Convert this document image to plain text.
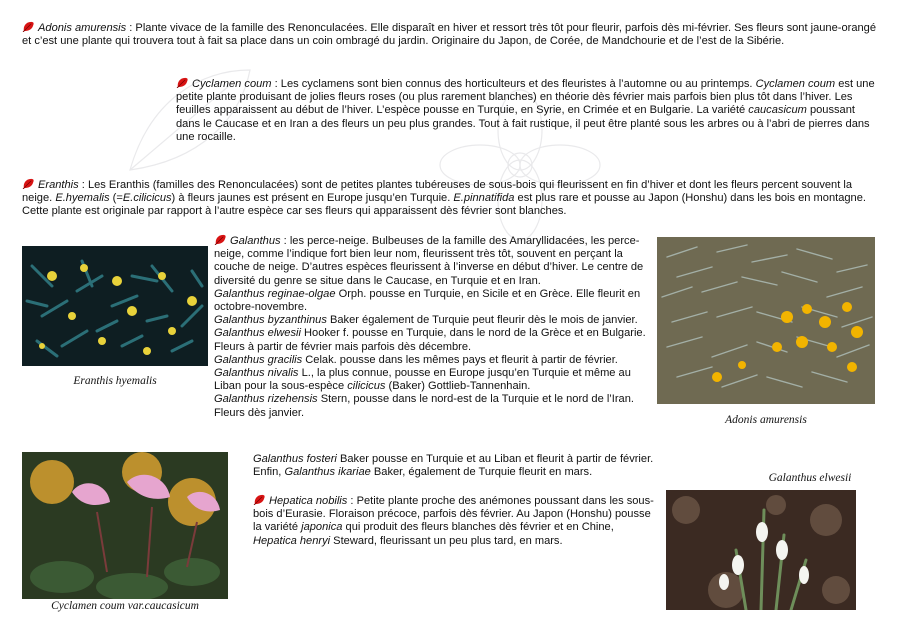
Adonis amurensis : Plante vivace de la famille des Renonculacées. Elle disparaît en hiver et ressort très tôt pour fleurir, parfois dès mi-février. Ses fleurs sont jaune-orangé et c’est une plante qui trouvera tout à fait sa place dans un coin ombragé du jardin. Originaire du Japon, de Corée, de Mandchourie et de l’est de la Sibérie.

Cyclamen coum : Les cyclamens sont bien connus des horticulteurs et des fleuristes à l’automne ou au printemps. Cyclamen coum est une petite plante produisant de jolies fleurs roses (ou plus rarement blanches) en théorie dès février mais parfois bien plus tôt dans l’hiver. Les feuilles apparaissent au début de l’hiver. L’espèce pousse en Turquie, en Syrie, en Crimée et en Bulgarie. La variété caucasicum poussant dans le Caucase et en Iran a des fleurs un peu plus grandes. Tout à fait rustique, il peut être planté sous les arbres ou à l’abri de pierres dans une rocaille.

Eranthis : Les Eranthis (familles des Renonculacées) sont de petites plantes tubéreuses de sous-bois qui fleurissent en fin d’hiver et dont les fleurs percent souvent la neige. E.hyemalis (=E.cilicicus) à fleurs jaunes est présent en Europe jusqu’en Turquie. E.pinnatifida est plus rare et pousse au Japon (Honshu) dans les bois en montagne. Cette plante est originale par rapport à l’autre espèce car ses fleurs qui apparaissent dès février sont blanches.

Eranthis hyemalis
Galanthus : les perce-neige. Bulbeuses de la famille des Amaryllidacées, les perce-neige, comme l’indique fort bien leur nom, fleurissent très tôt, souvent en perçant la couche de neige. D’autres espèces fleurissent à l’inverse en début d’hiver. Le centre de diversité du genre se situe dans le Caucase, en Turquie et en Iran.
Galanthus reginae-olgae Orph. pousse en Turquie, en Sicile et en Grèce. Elle fleurit en octobre-novembre.
Galanthus byzanthinus Baker également de Turquie peut fleurir dès le mois de janvier.
Galanthus elwesii Hooker f. pousse en Turquie, dans le nord de la Grèce et en Bulgarie. Fleurs à partir de février mais parfois dès décembre.
Galanthus gracilis Celak. pousse dans les mêmes pays et fleurit à partir de février.
Galanthus nivalis L., la plus connue, pousse en Europe jusqu’en Turquie et même au Liban pour la sous-espèce cilicicus (Baker) Gottlieb-Tannenhain.
Galanthus rizehensis Stern, pousse dans le nord-est de la Turquie et le nord de l’Iran. Fleurs dès janvier.
Galanthus fosteri Baker pousse en Turquie et au Liban et fleurit à partir de février.
Enfin, Galanthus ikariae Baker, également de Turquie fleurit en mars.
Adonis amurensis
Galanthus elwesii
Cyclamen coum var.caucasicum

Hepatica nobilis : Petite plante proche des anémones poussant dans les sous-bois d’Eurasie. Floraison précoce, parfois dès février. Au Japon (Honshu) pousse la variété japonica qui produit des fleurs blanches dès février et en Chine, Hepatica henryi Steward, fleurissant un peu plus tard, en mars.
